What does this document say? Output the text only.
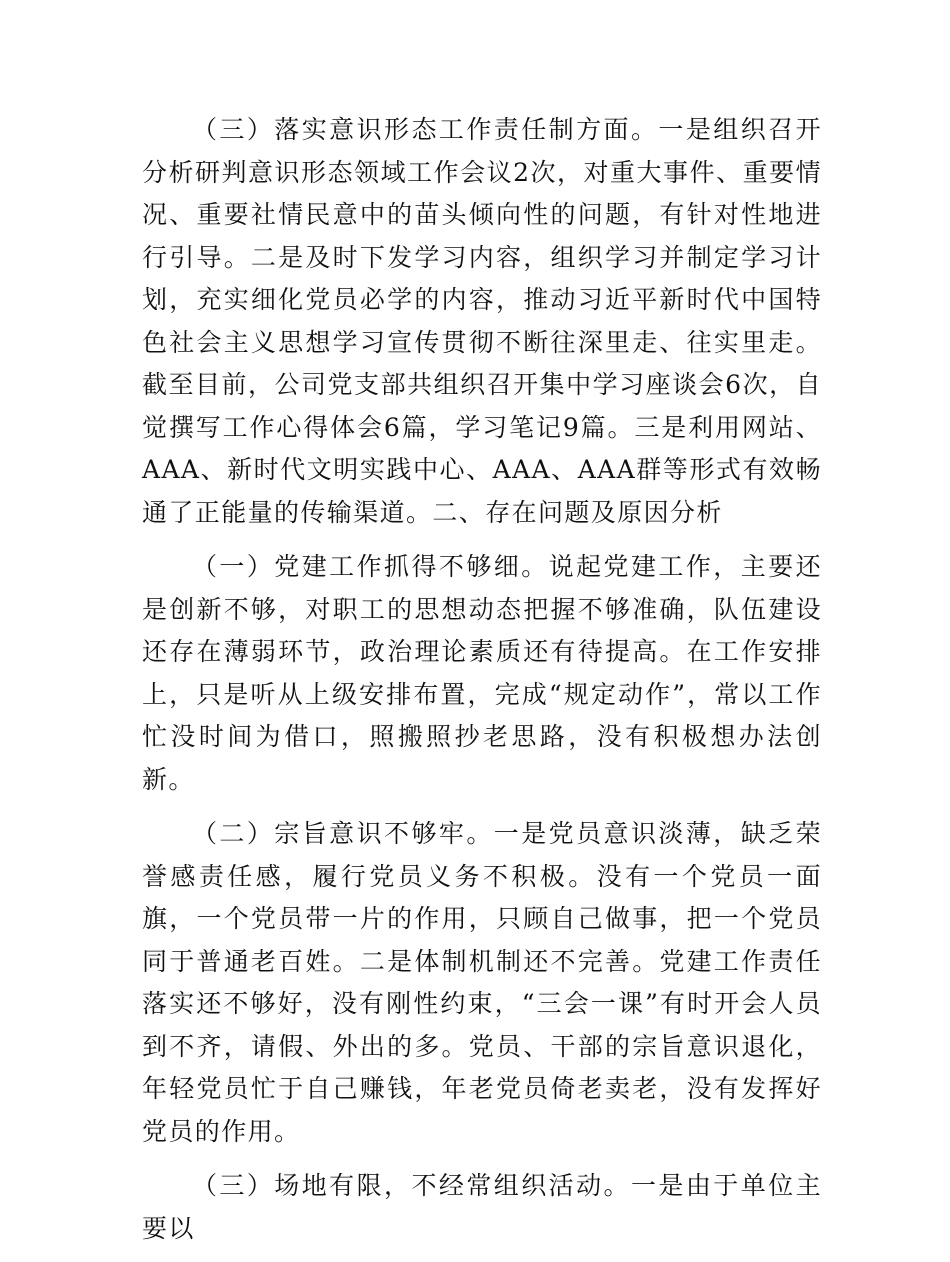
（三）落实意识形态工作责任制方面。一是组织召开分析研判意识形态领域工作会议2次，对重大事件、重要情况、重要社情民意中的苗头倾向性的问题，有针对性地进行引导。二是及时下发学习内容，组织学习并制定学习计划，充实细化党员必学的内容，推动习近平新时代中国特色社会主义思想学习宣传贯彻不断往深里走、往实里走。截至目前，公司党支部共组织召开集中学习座谈会6次，自觉撰写工作心得体会6篇，学习笔记9篇。三是利用网站、AAA、新时代文明实践中心、AAA、AAA群等形式有效畅通了正能量的传输渠道。二、存在问题及原因分析

（一）党建工作抓得不够细。说起党建工作，主要还是创新不够，对职工的思想动态把握不够准确，队伍建设还存在薄弱环节，政治理论素质还有待提高。在工作安排上，只是听从上级安排布置，完成“规定动作”，常以工作忙没时间为借口，照搬照抄老思路，没有积极想办法创新。

（二）宗旨意识不够牢。一是党员意识淡薄，缺乏荣誉感责任感，履行党员义务不积极。没有一个党员一面旗，一个党员带一片的作用，只顾自己做事，把一个党员同于普通老百姓。二是体制机制还不完善。党建工作责任落实还不够好，没有刚性约束，“三会一课”有时开会人员到不齐，请假、外出的多。党员、干部的宗旨意识退化，年轻党员忙于自己赚钱，年老党员倚老卖老，没有发挥好党员的作用。

（三）场地有限，不经常组织活动。一是由于单位主要以
